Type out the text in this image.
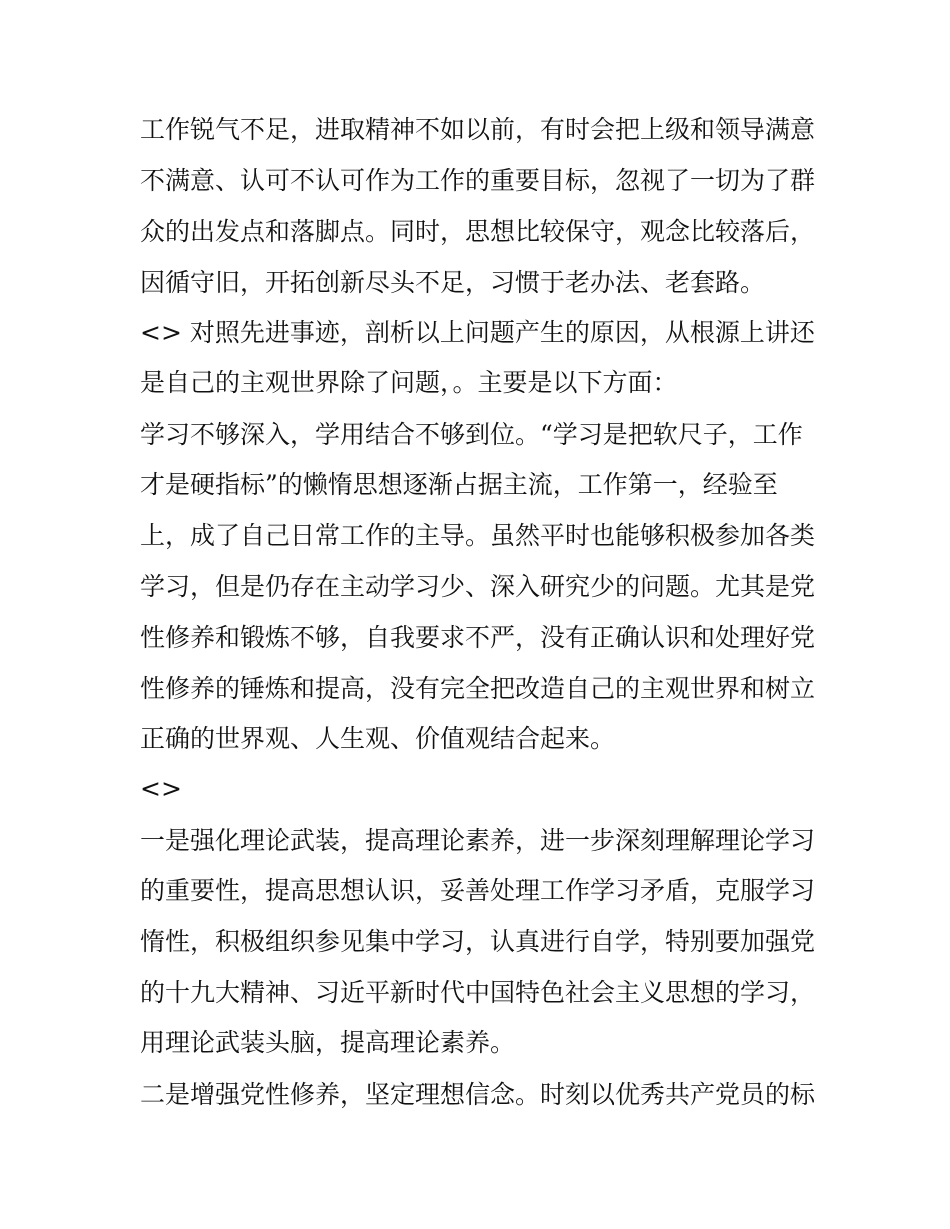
工作锐气不足，进取精神不如以前，有时会把上级和领导满意
不满意、认可不认可作为工作的重要目标，忽视了一切为了群
众的出发点和落脚点。同时，思想比较保守，观念比较落后，
因循守旧，开拓创新尽头不足，习惯于老办法、老套路。
<> 对照先进事迹，剖析以上问题产生的原因，从根源上讲还
是自己的主观世界除了问题，。主要是以下方面：
学习不够深入，学用结合不够到位。“学习是把软尺子，工作
才是硬指标”的懒惰思想逐渐占据主流，工作第一，经验至
上，成了自己日常工作的主导。虽然平时也能够积极参加各类
学习，但是仍存在主动学习少、深入研究少的问题。尤其是党
性修养和锻炼不够，自我要求不严，没有正确认识和处理好党
性修养的锤炼和提高，没有完全把改造自己的主观世界和树立
正确的世界观、人生观、价值观结合起来。
<>
一是强化理论武装，提高理论素养，进一步深刻理解理论学习
的重要性，提高思想认识，妥善处理工作学习矛盾，克服学习
惰性，积极组织参见集中学习，认真进行自学，特别要加强党
的十九大精神、习近平新时代中国特色社会主义思想的学习，
用理论武装头脑，提高理论素养。
二是增强党性修养，坚定理想信念。时刻以优秀共产党员的标
